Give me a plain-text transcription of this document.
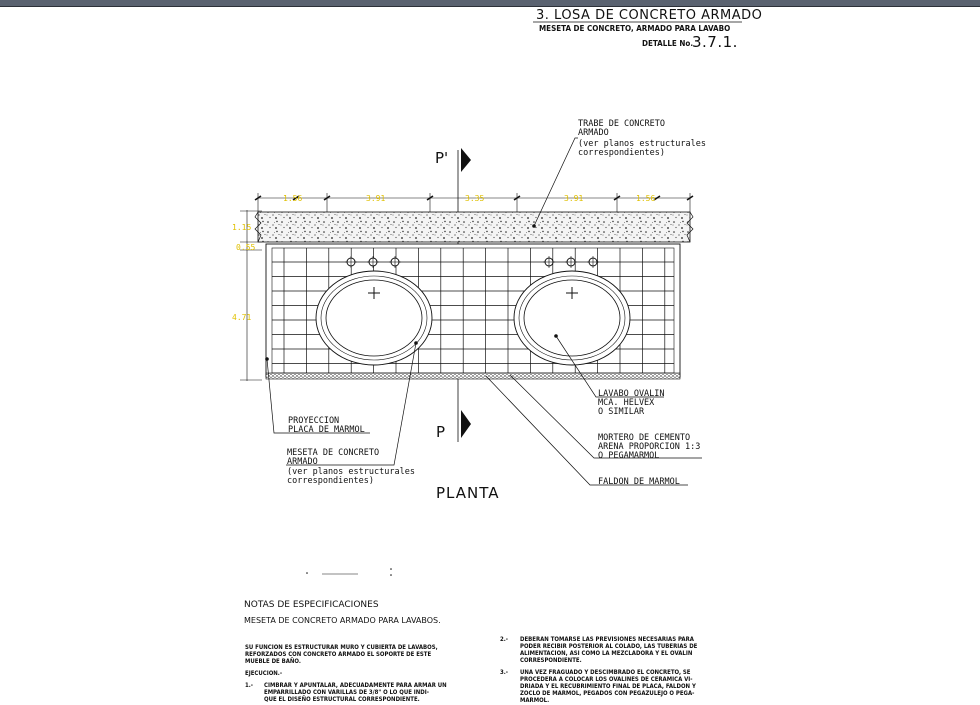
3. LOSA DE CONCRETO ARMADO
MESETA DE CONCRETO, ARMADO PARA LAVABO
DETALLE No.
3.7.1.
P'
P
1.56	3.91	3.35	3.91	1.56
1.15
0.55
4.71
TRABE DE CONCRETO
ARMADO
(ver planos estructurales
correspondientes)
LAVABO OVALIN
MCA. HELVEX
O SIMILAR
MORTERO DE CEMENTO
ARENA PROPORCION 1:3
O PEGAMARMOL
FALDON DE MARMOL
PROYECCION
PLACA DE MARMOL
MESETA DE CONCRETO
ARMADO
(ver planos estructurales
correspondientes)
PLANTA
NOTAS DE ESPECIFICACIONES
MESETA DE CONCRETO ARMADO PARA LAVABOS.
SU FUNCION ES ESTRUCTURAR MURO Y CUBIERTA DE LAVABOS,
REFORZADOS CON CONCRETO ARMADO EL SOPORTE DE ESTE
MUEBLE DE BAÑO.
EJECUCION.-
1.- CIMBRAR Y APUNTALAR, ADECUADAMENTE PARA ARMAR UN
EMPARRILLADO CON VARILLAS DE 3/8" O LO QUE INDI-
QUE EL DISEÑO ESTRUCTURAL CORRESPONDIENTE.
2.- DEBERAN TOMARSE LAS PREVISIONES NECESARIAS PARA
PODER RECIBIR POSTERIOR AL COLADO, LAS TUBERIAS DE
ALIMENTACION, ASI COMO LA MEZCLADORA Y EL OVALIN
CORRESPONDIENTE.
3.- UNA VEZ FRAGUADO Y DESCIMBRADO EL CONCRETO, SE
PROCEDERA A COLOCAR LOS OVALINES DE CERAMICA VI-
DRIADA Y EL RECUBRIMIENTO FINAL DE PLACA, FALDON Y
ZOCLO DE MARMOL, PEGADOS CON PEGAZULEJO O PEGA-
MARMOL.
